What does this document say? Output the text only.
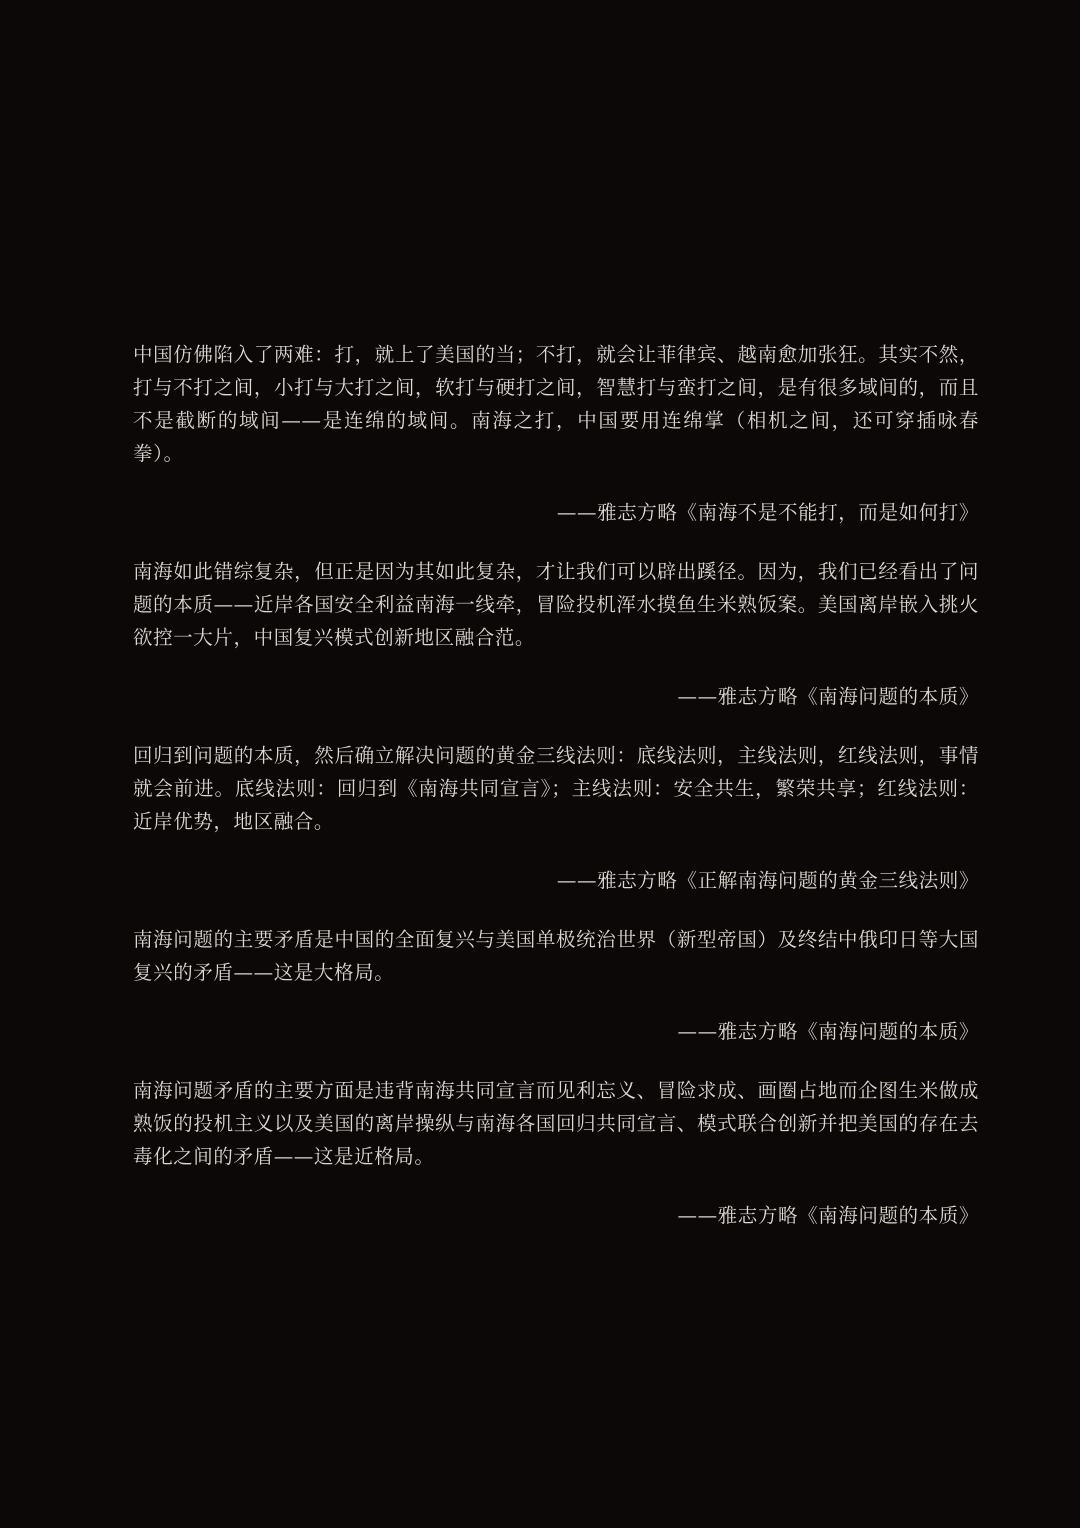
中国仿佛陷入了两难：打，就上了美国的当；不打，就会让菲律宾、越南愈加张狂。其实不然，打与不打之间，小打与大打之间，软打与硬打之间，智慧打与蛮打之间，是有很多域间的，而且不是截断的域间——是连绵的域间。南海之打，中国要用连绵掌（相机之间，还可穿插咏春拳）。

——雅志方略《南海不是不能打，而是如何打》

南海如此错综复杂，但正是因为其如此复杂，才让我们可以辟出蹊径。因为，我们已经看出了问题的本质——近岸各国安全利益南海一线牵，冒险投机浑水摸鱼生米熟饭案。美国离岸嵌入挑火欲控一大片，中国复兴模式创新地区融合范。

——雅志方略《南海问题的本质》

回归到问题的本质，然后确立解决问题的黄金三线法则：底线法则，主线法则，红线法则，事情就会前进。底线法则：回归到《南海共同宣言》；主线法则：安全共生，繁荣共享；红线法则：近岸优势，地区融合。

——雅志方略《正解南海问题的黄金三线法则》

南海问题的主要矛盾是中国的全面复兴与美国单极统治世界（新型帝国）及终结中俄印日等大国复兴的矛盾——这是大格局。

——雅志方略《南海问题的本质》

南海问题矛盾的主要方面是违背南海共同宣言而见利忘义、冒险求成、画圈占地而企图生米做成熟饭的投机主义以及美国的离岸操纵与南海各国回归共同宣言、模式联合创新并把美国的存在去毒化之间的矛盾——这是近格局。

——雅志方略《南海问题的本质》
